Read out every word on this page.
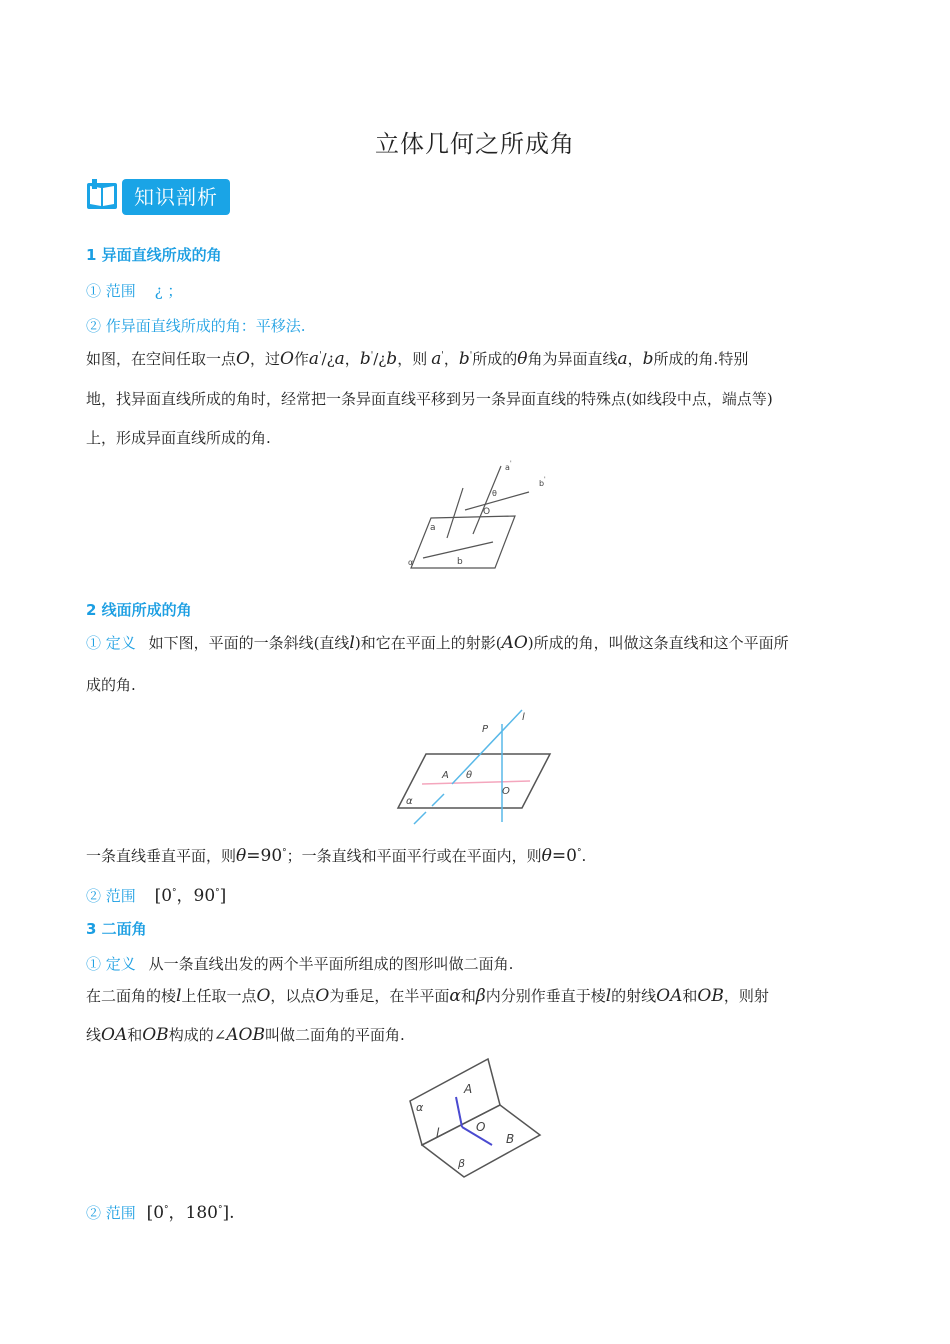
立体几何之所成角
知识剖析
1 异面直线所成的角
① 范围 ¿ ；
② 作异面直线所成的角：平移法.
如图，在空间任取一点O，过O作a'/¿a，b'/¿b，则 a'，b'所成的θ角为异面直线a，b所成的角.特别
地，找异面直线所成的角时，经常把一条异面直线平移到另一条异面直线的特殊点(如线段中点，端点等)
上，形成异面直线所成的角.
a '
b '
θ
O
a
b
α
2 线面所成的角
① 定义 如下图，平面的一条斜线(直线l)和它在平面上的射影(AO)所成的角，叫做这条直线和这个平面所
成的角.
l
P
A θ
O
α
一条直线垂直平面，则θ=90°；一条直线和平面平行或在平面内，则θ=0°.
② 范围 [0°，90°]
3 二面角
① 定义 从一条直线出发的两个半平面所组成的图形叫做二面角.
在二面角的棱l上任取一点O，以点O为垂足，在半平面α和β内分别作垂直于棱l的射线OA和OB，则射
线OA和OB构成的∠AOB叫做二面角的平面角.
A
α
l	O
B
β
② 范围 [0°，180°].
